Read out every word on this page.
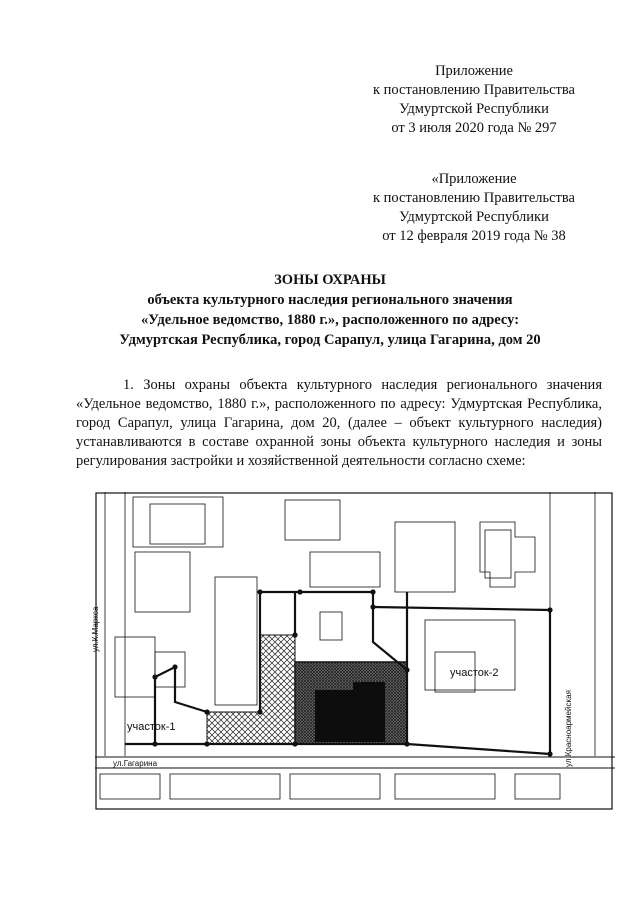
Приложение
к постановлению Правительства
Удмуртской Республики
от 3 июля 2020 года № 297
«Приложение
к постановлению Правительства
Удмуртской Республики
от 12 февраля 2019 года № 38
ЗОНЫ ОХРАНЫ
объекта культурного наследия регионального значения
«Удельное ведомство, 1880 г.», расположенного по адресу:
Удмуртская Республика, город Сарапул, улица Гагарина, дом 20
1. Зоны охраны объекта культурного наследия регионального значения «Удельное ведомство, 1880 г.», расположенного по адресу: Удмуртская Республика, город Сарапул, улица Гагарина, дом 20, (далее – объект культурного наследия) устанавливаются в составе охранной зоны объекта культурного наследия и зоны регулирования застройки и хозяйственной деятельности согласно схеме:
участок-1
участок-2
ул.К.Маркса
ул.Гагарина	ул.Красноармейская
